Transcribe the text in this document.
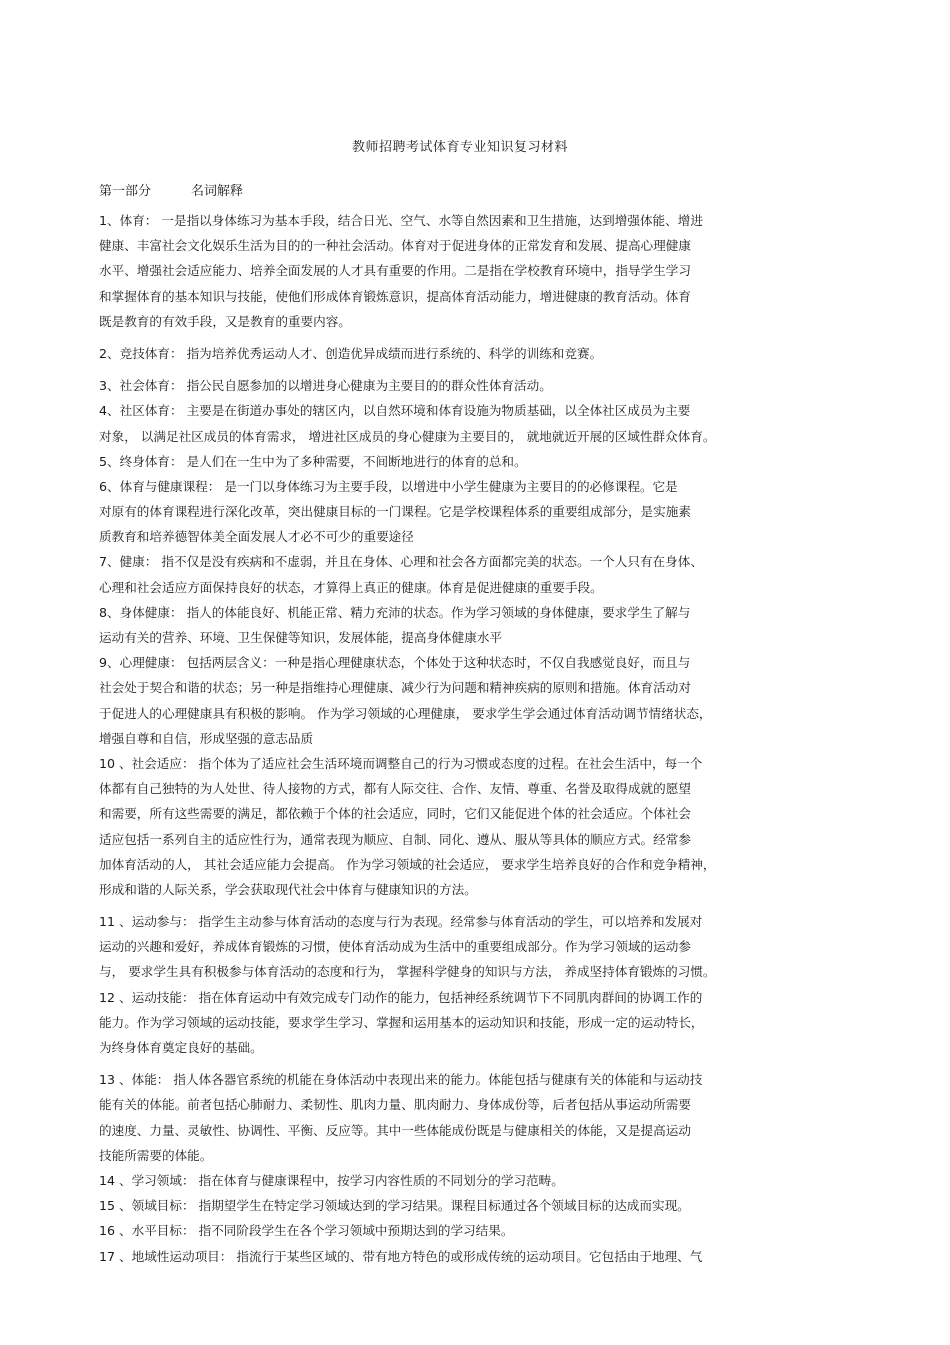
教师招聘考试体育专业知识复习材料
第一部分	名词解释
1、体育： 一是指以身体练习为基本手段，结合日光、空气、水等自然因素和卫生措施，达到增强体能、增进
健康、丰富社会文化娱乐生活为目的的一种社会活动。体育对于促进身体的正常发育和发展、提高心理健康
水平、增强社会适应能力、培养全面发展的人才具有重要的作用。二是指在学校教育环境中，指导学生学习
和掌握体育的基本知识与技能，使他们形成体育锻炼意识，提高体育活动能力，增进健康的教育活动。体育
既是教育的有效手段，又是教育的重要内容。
2、竞技体育： 指为培养优秀运动人才、创造优异成绩而进行系统的、科学的训练和竞赛。
3、社会体育： 指公民自愿参加的以增进身心健康为主要目的的群众性体育活动。
4、社区体育： 主要是在街道办事处的辖区内，以自然环境和体育设施为物质基础，以全体社区成员为主要
对象， 以满足社区成员的体育需求， 增进社区成员的身心健康为主要目的， 就地就近开展的区域性群众体育。
5、终身体育： 是人们在一生中为了多种需要，不间断地进行的体育的总和。
6、体育与健康课程： 是一门以身体练习为主要手段，以增进中小学生健康为主要目的的必修课程。它是
对原有的体育课程进行深化改革，突出健康目标的一门课程。它是学校课程体系的重要组成部分，是实施素
质教育和培养德智体美全面发展人才必不可少的重要途径
7、健康： 指不仅是没有疾病和不虚弱，并且在身体、心理和社会各方面都完美的状态。一个人只有在身体、
心理和社会适应方面保持良好的状态，才算得上真正的健康。体育是促进健康的重要手段。
8、身体健康： 指人的体能良好、机能正常、精力充沛的状态。作为学习领域的身体健康，要求学生了解与
运动有关的营养、环境、卫生保健等知识，发展体能，提高身体健康水平
9、心理健康： 包括两层含义：一种是指心理健康状态，个体处于这种状态时，不仅自我感觉良好，而且与
社会处于契合和谐的状态；另一种是指维持心理健康、减少行为问题和精神疾病的原则和措施。体育活动对
于促进人的心理健康具有积极的影响。 作为学习领域的心理健康， 要求学生学会通过体育活动调节情绪状态，
增强自尊和自信，形成坚强的意志品质
10 、社会适应： 指个体为了适应社会生活环境而调整自己的行为习惯或态度的过程。在社会生活中，每一个
体都有自己独特的为人处世、待人接物的方式，都有人际交往、合作、友情、尊重、名誉及取得成就的愿望
和需要，所有这些需要的满足，都依赖于个体的社会适应，同时，它们又能促进个体的社会适应。个体社会
适应包括一系列自主的适应性行为，通常表现为顺应、自制、同化、遵从、服从等具体的顺应方式。经常参
加体育活动的人， 其社会适应能力会提高。 作为学习领域的社会适应， 要求学生培养良好的合作和竞争精神，
形成和谐的人际关系，学会获取现代社会中体育与健康知识的方法。
11 、运动参与： 指学生主动参与体育活动的态度与行为表现。经常参与体育活动的学生，可以培养和发展对
运动的兴趣和爱好，养成体育锻炼的习惯，使体育活动成为生活中的重要组成部分。作为学习领域的运动参
与， 要求学生具有积极参与体育活动的态度和行为， 掌握科学健身的知识与方法， 养成坚持体育锻炼的习惯。
12 、运动技能： 指在体育运动中有效完成专门动作的能力，包括神经系统调节下不同肌肉群间的协调工作的
能力。作为学习领域的运动技能，要求学生学习、掌握和运用基本的运动知识和技能，形成一定的运动特长，
为终身体育奠定良好的基础。
13 、体能： 指人体各器官系统的机能在身体活动中表现出来的能力。体能包括与健康有关的体能和与运动技
能有关的体能。前者包括心肺耐力、柔韧性、肌肉力量、肌肉耐力、身体成份等，后者包括从事运动所需要
的速度、力量、灵敏性、协调性、平衡、反应等。其中一些体能成份既是与健康相关的体能，又是提高运动
技能所需要的体能。
14 、学习领域： 指在体育与健康课程中，按学习内容性质的不同划分的学习范畴。
15 、领域目标： 指期望学生在特定学习领域达到的学习结果。课程目标通过各个领域目标的达成而实现。
16 、水平目标： 指不同阶段学生在各个学习领域中预期达到的学习结果。
17 、地域性运动项目： 指流行于某些区域的、带有地方特色的或形成传统的运动项目。它包括由于地理、气
